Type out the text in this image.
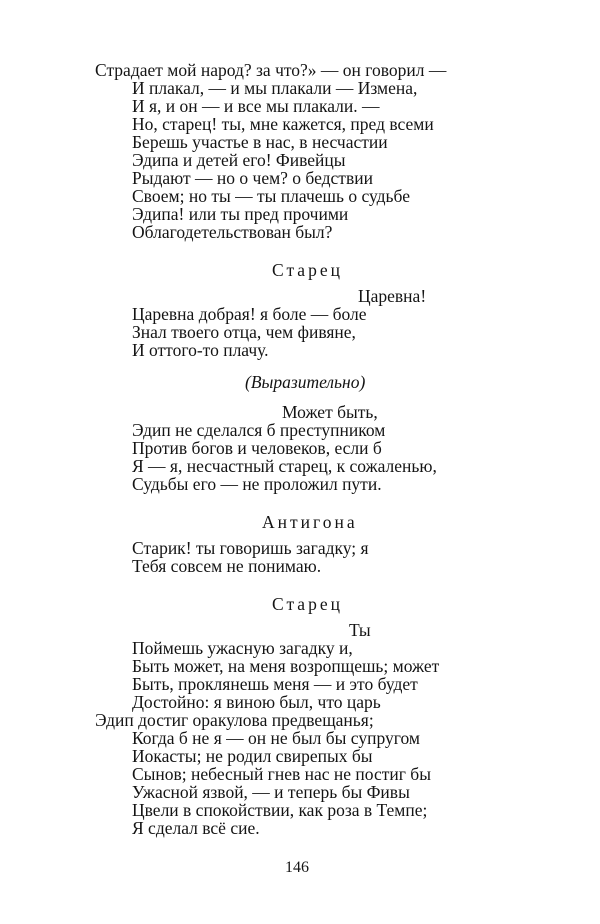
Страдает мой народ? за что?» — он говорил —
И плакал, — и мы плакали — Измена,
И я, и он — и все мы плакали. —
Но, старец! ты, мне кажется, пред всеми
Берешь участье в нас, в несчастии
Эдипа и детей его! Фивейцы
Рыдают — но о чем? о бедствии
Своем; но ты — ты плачешь о судьбе
Эдипа! или ты пред прочими
Облагодетельствован был?
Старец
Царевна!
Царевна добрая! я боле — боле
Знал твоего отца, чем фивяне,
И оттого-то плачу.
(Выразительно)
Может быть,
Эдип не сделался б преступником
Против богов и человеков, если б
Я — я, несчастный старец, к сожаленью,
Судьбы его — не проложил пути.
Антигона
Старик! ты говоришь загадку; я
Тебя совсем не понимаю.
Старец
Ты
Поймешь ужасную загадку и,
Быть может, на меня возропщешь; может
Быть, проклянешь меня — и это будет
Достойно: я виною был, что царь
Эдип достиг оракулова предвещанья;
Когда б не я — он не был бы супругом
Иокасты; не родил свирепых бы
Сынов; небесный гнев нас не постиг бы
Ужасной язвой, — и теперь бы Фивы
Цвели в спокойствии, как роза в Темпе;
Я сделал всё сие.
146
